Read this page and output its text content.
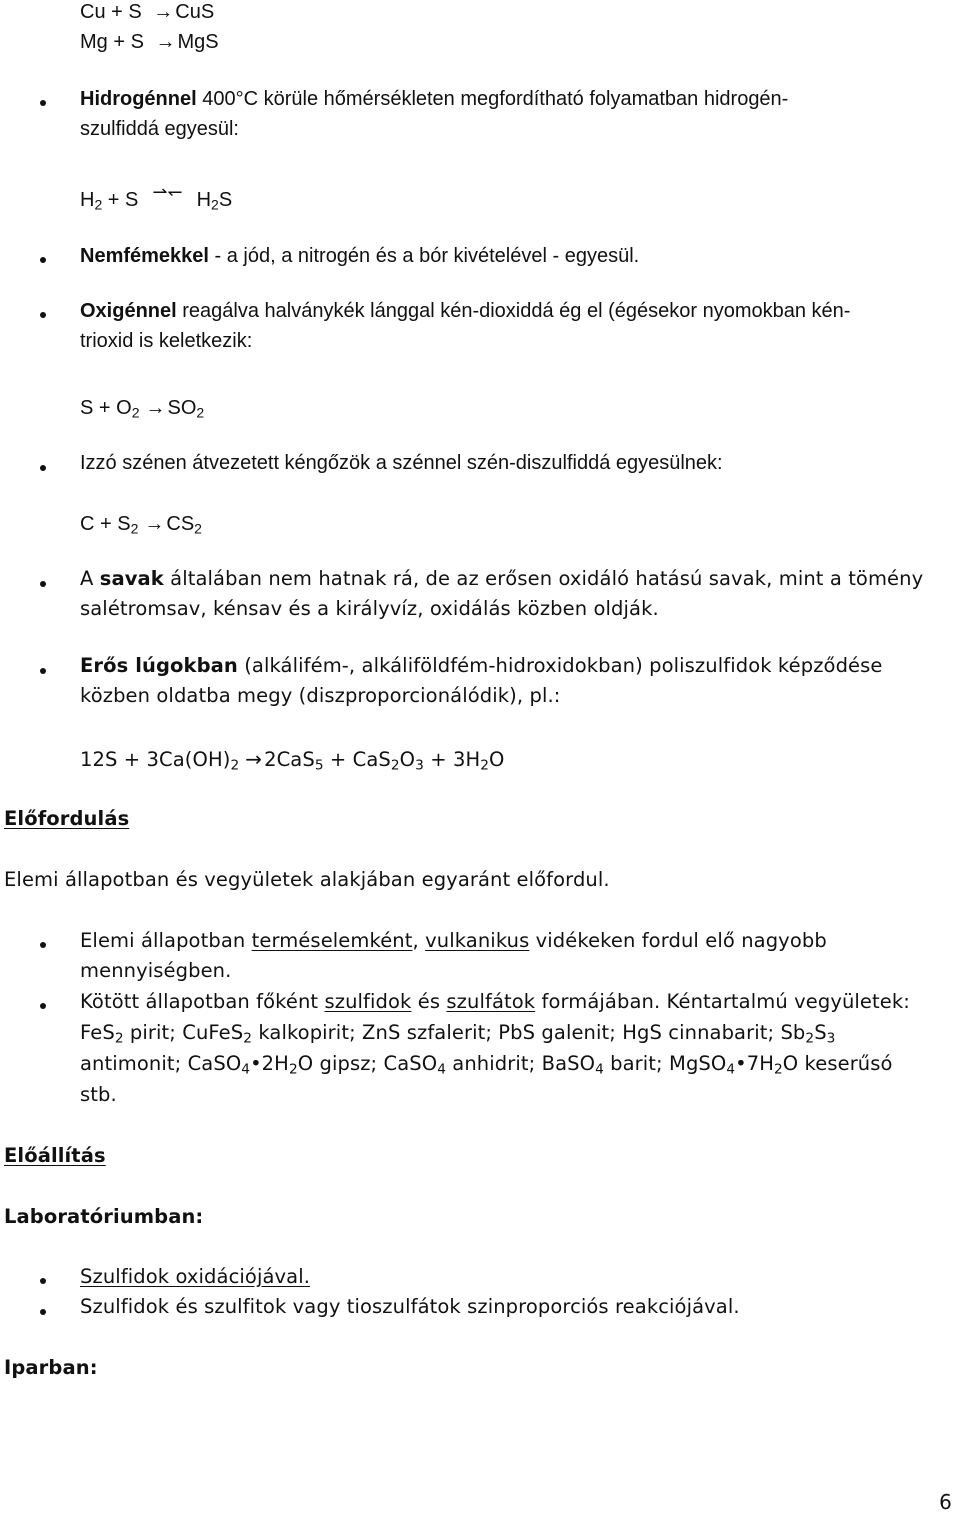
Cu + S → CuS
Mg + S → MgS
Hidrogénnel 400°C körüle hőmérsékleten megfordítható folyamatban hidrogén-
szulfiddá egyesül:
$H_2 + S$ ⇀↽ $H_2S$
Nemfémekkel - a jód, a nitrogén és a bór kivételével - egyesül.
Oxigénnel reagálva halványkék lánggal kén-dioxiddá ég el (égésekor nyomokban kén-
trioxid is keletkezik:
$S + O_2 \to SO_2$
Izzó szénen átvezetett kéngőzök a szénnel szén-diszulfiddá egyesülnek:
$C + S_2 \to CS_2$
A savak általában nem hatnak rá, de az erősen oxidáló hatású savak, mint a tömény
salétromsav, kénsav és a királyvíz, oxidálás közben oldják.
Erős lúgokban (alkálifém-, alkáliföldfém-hidroxidokban) poliszulfidok képződése
közben oldatba megy (diszproporcionálódik), pl.:
$12S + 3Ca(OH)_2 \to 2CaS_5 + CaS_2O_3 + 3H_2O$
Előfordulás
Elemi állapotban és vegyületek alakjában egyaránt előfordul.
Elemi állapotban terméselemként, vulkanikus vidékeken fordul elő nagyobb
mennyiségben.
Kötött állapotban főként szulfidok és szulfátok formájában. Kéntartalmú vegyületek:
FeS$_2$ pirit; CuFeS$_2$ kalkopirit; ZnS szfalerit; PbS galenit; HgS cinnabarit; $Sb_2S_3$
antimonit; $CaSO_4•2H_2O$ gipsz; CaSO$_4$ anhidrit; BaSO$_4$ barit; $MgSO_4•7H_2O$ keserűsó
stb.
Előállítás
Laboratóriumban:
Szulfidok oxidációjával.
Szulfidok és szulfitok vagy tioszulfátok szinproporciós reakciójával.
Iparban:
6
